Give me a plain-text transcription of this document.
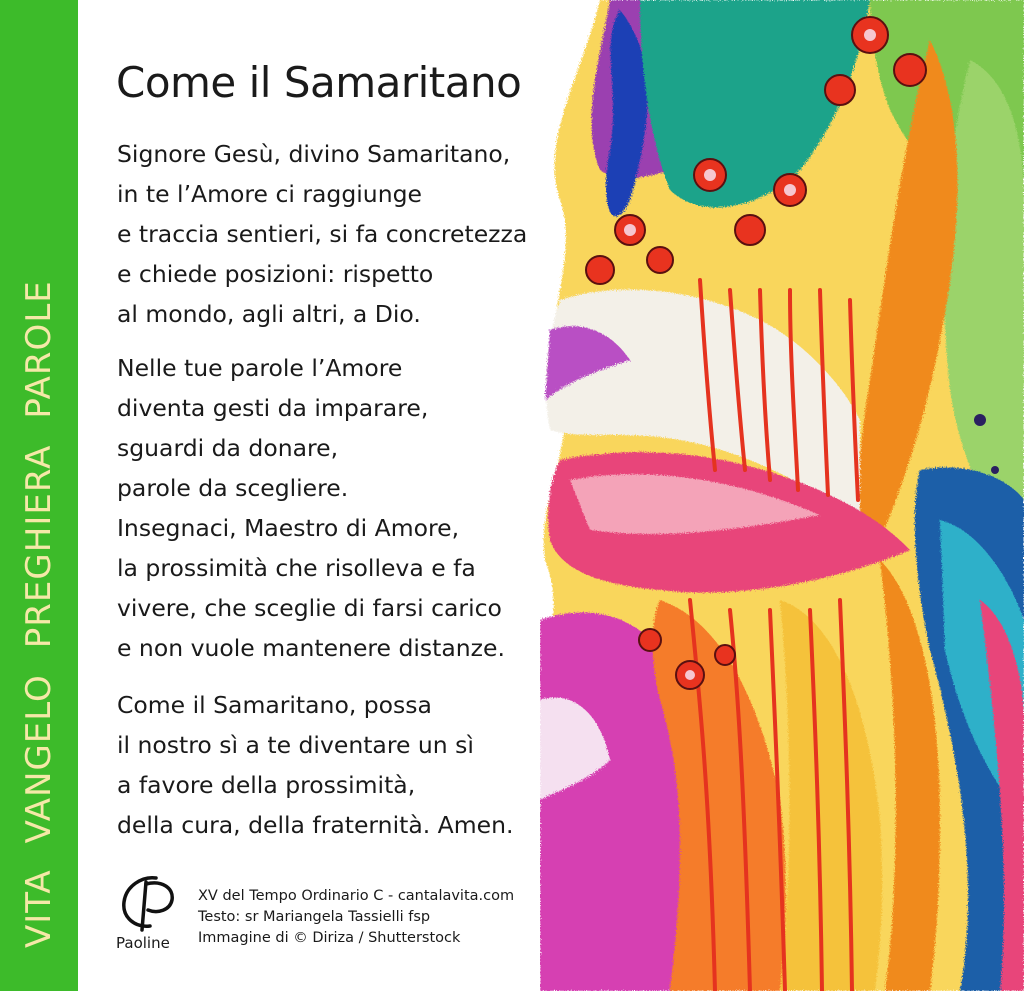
VITAVANGELOPREGHIERAPAROLE
Come il Samaritano
Signore Gesù, divino Samaritano,
in te l’Amore ci raggiunge
e traccia sentieri, si fa concretezza
e chiede posizioni: rispetto
al mondo, agli altri, a Dio.
Nelle tue parole l’Amore
diventa gesti da imparare,
sguardi da donare,
parole da scegliere.
Insegnaci, Maestro di Amore,
la prossimità che risolleva e fa
vivere, che sceglie di farsi carico
e non vuole mantenere distanze.
Come il Samaritano, possa
il nostro sì a te diventare un sì
a favore della prossimità,
della cura, della fraternità. Amen.
Paoline
XV del Tempo Ordinario C - cantalavita.com
Testo: sr Mariangela Tassielli fsp
Immagine di © Diriza / Shutterstock
